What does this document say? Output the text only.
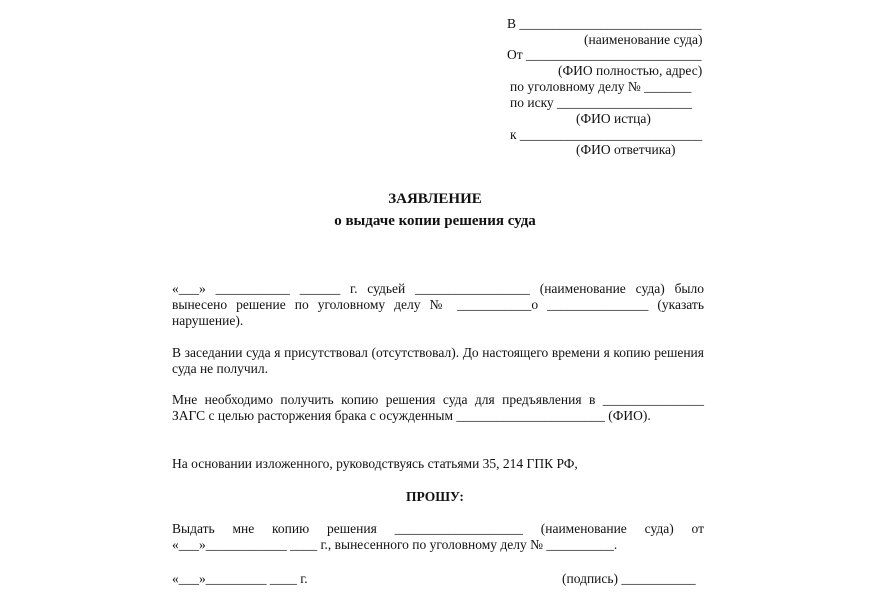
В ___________________________
(наименование суда)
От __________________________
(ФИО полностью, адрес)
по уголовному делу № _______
по иску ____________________
(ФИО истца)
к ___________________________
(ФИО ответчика)
ЗАЯВЛЕНИЕ
о выдаче копии решения суда
«___» ___________ ______ г. судьей _________________ (наименование суда) было вынесено решение по уголовному делу № ___________о _______________ (указать нарушение).
В заседании суда я присутствовал (отсутствовал). До настоящего времени я копию решения суда не получил.
Мне необходимо получить копию решения суда для предъявления в _______________ ЗАГС с целью расторжения брака с осужденным ______________________ (ФИО).
На основании изложенного, руководствуясь статьями 35, 214 ГПК РФ,
ПРОШУ:
Выдать мне копию решения ___________________ (наименование суда) от «___»____________ ____ г., вынесенного по уголовному делу № __________.
«___»_________ ____ г.	(подпись) ___________
